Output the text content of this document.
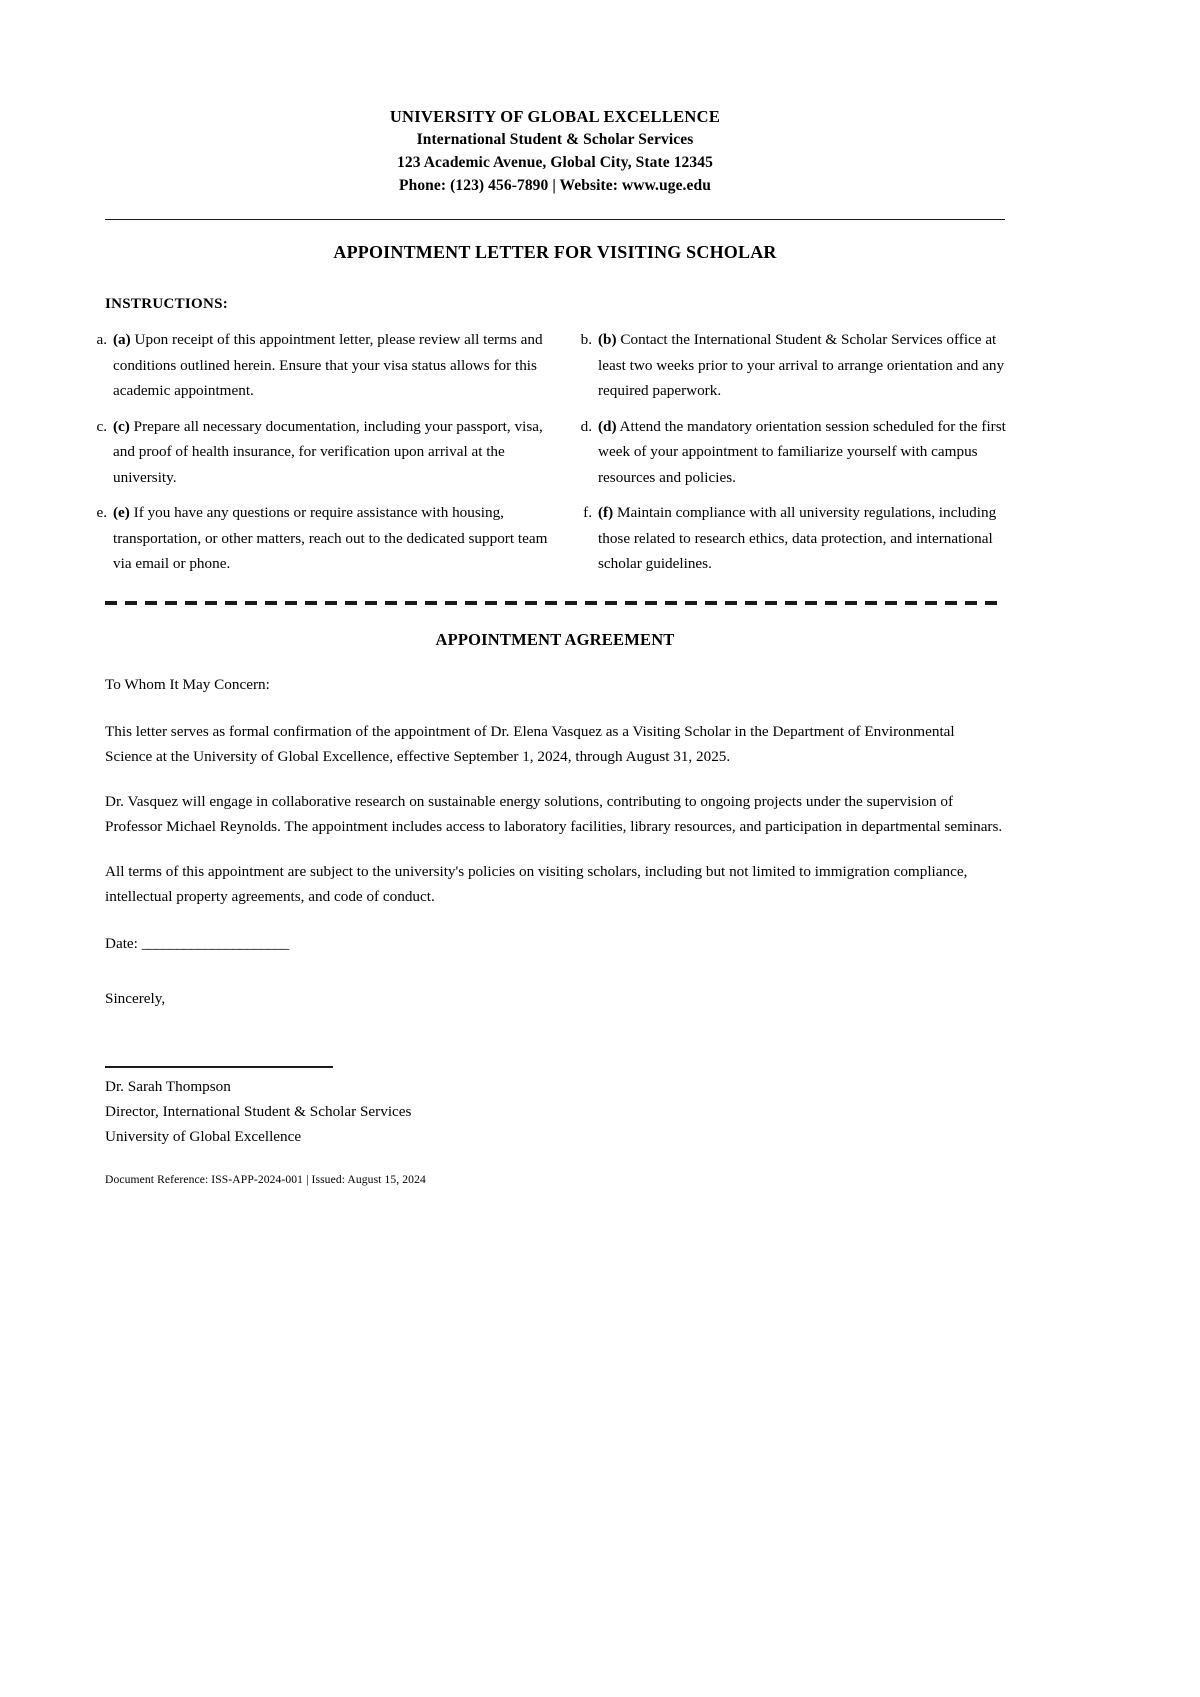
UNIVERSITY OF GLOBAL EXCELLENCE
International Student & Scholar Services
123 Academic Avenue, Global City, State 12345
Phone: (123) 456-7890 | Website: www.uge.edu
APPOINTMENT LETTER FOR VISITING SCHOLAR
INSTRUCTIONS:
a. (a) Upon receipt of this appointment letter, please review all terms and conditions outlined herein. Ensure that your visa status allows for this academic appointment.
b. (b) Contact the International Student & Scholar Services office at least two weeks prior to your arrival to arrange orientation and any required paperwork.
c. (c) Prepare all necessary documentation, including your passport, visa, and proof of health insurance, for verification upon arrival at the university.
d. (d) Attend the mandatory orientation session scheduled for the first week of your appointment to familiarize yourself with campus resources and policies.
e. (e) If you have any questions or require assistance with housing, transportation, or other matters, reach out to the dedicated support team via email or phone.
f. (f) Maintain compliance with all university regulations, including those related to research ethics, data protection, and international scholar guidelines.
APPOINTMENT AGREEMENT

To Whom It May Concern:

This letter serves as formal confirmation of the appointment of Dr. Elena Vasquez as a Visiting Scholar in the Department of Environmental Science at the University of Global Excellence, effective September 1, 2024, through August 31, 2025.

Dr. Vasquez will engage in collaborative research on sustainable energy solutions, contributing to ongoing projects under the supervision of Professor Michael Reynolds. The appointment includes access to laboratory facilities, library resources, and participation in departmental seminars.

All terms of this appointment are subject to the university's policies on visiting scholars, including but not limited to immigration compliance, intellectual property agreements, and code of conduct.

Date: _____________________
Sincerely,
Dr. Sarah Thompson
Director, International Student & Scholar Services
University of Global Excellence
Document Reference: ISS-APP-2024-001 | Issued: August 15, 2024
